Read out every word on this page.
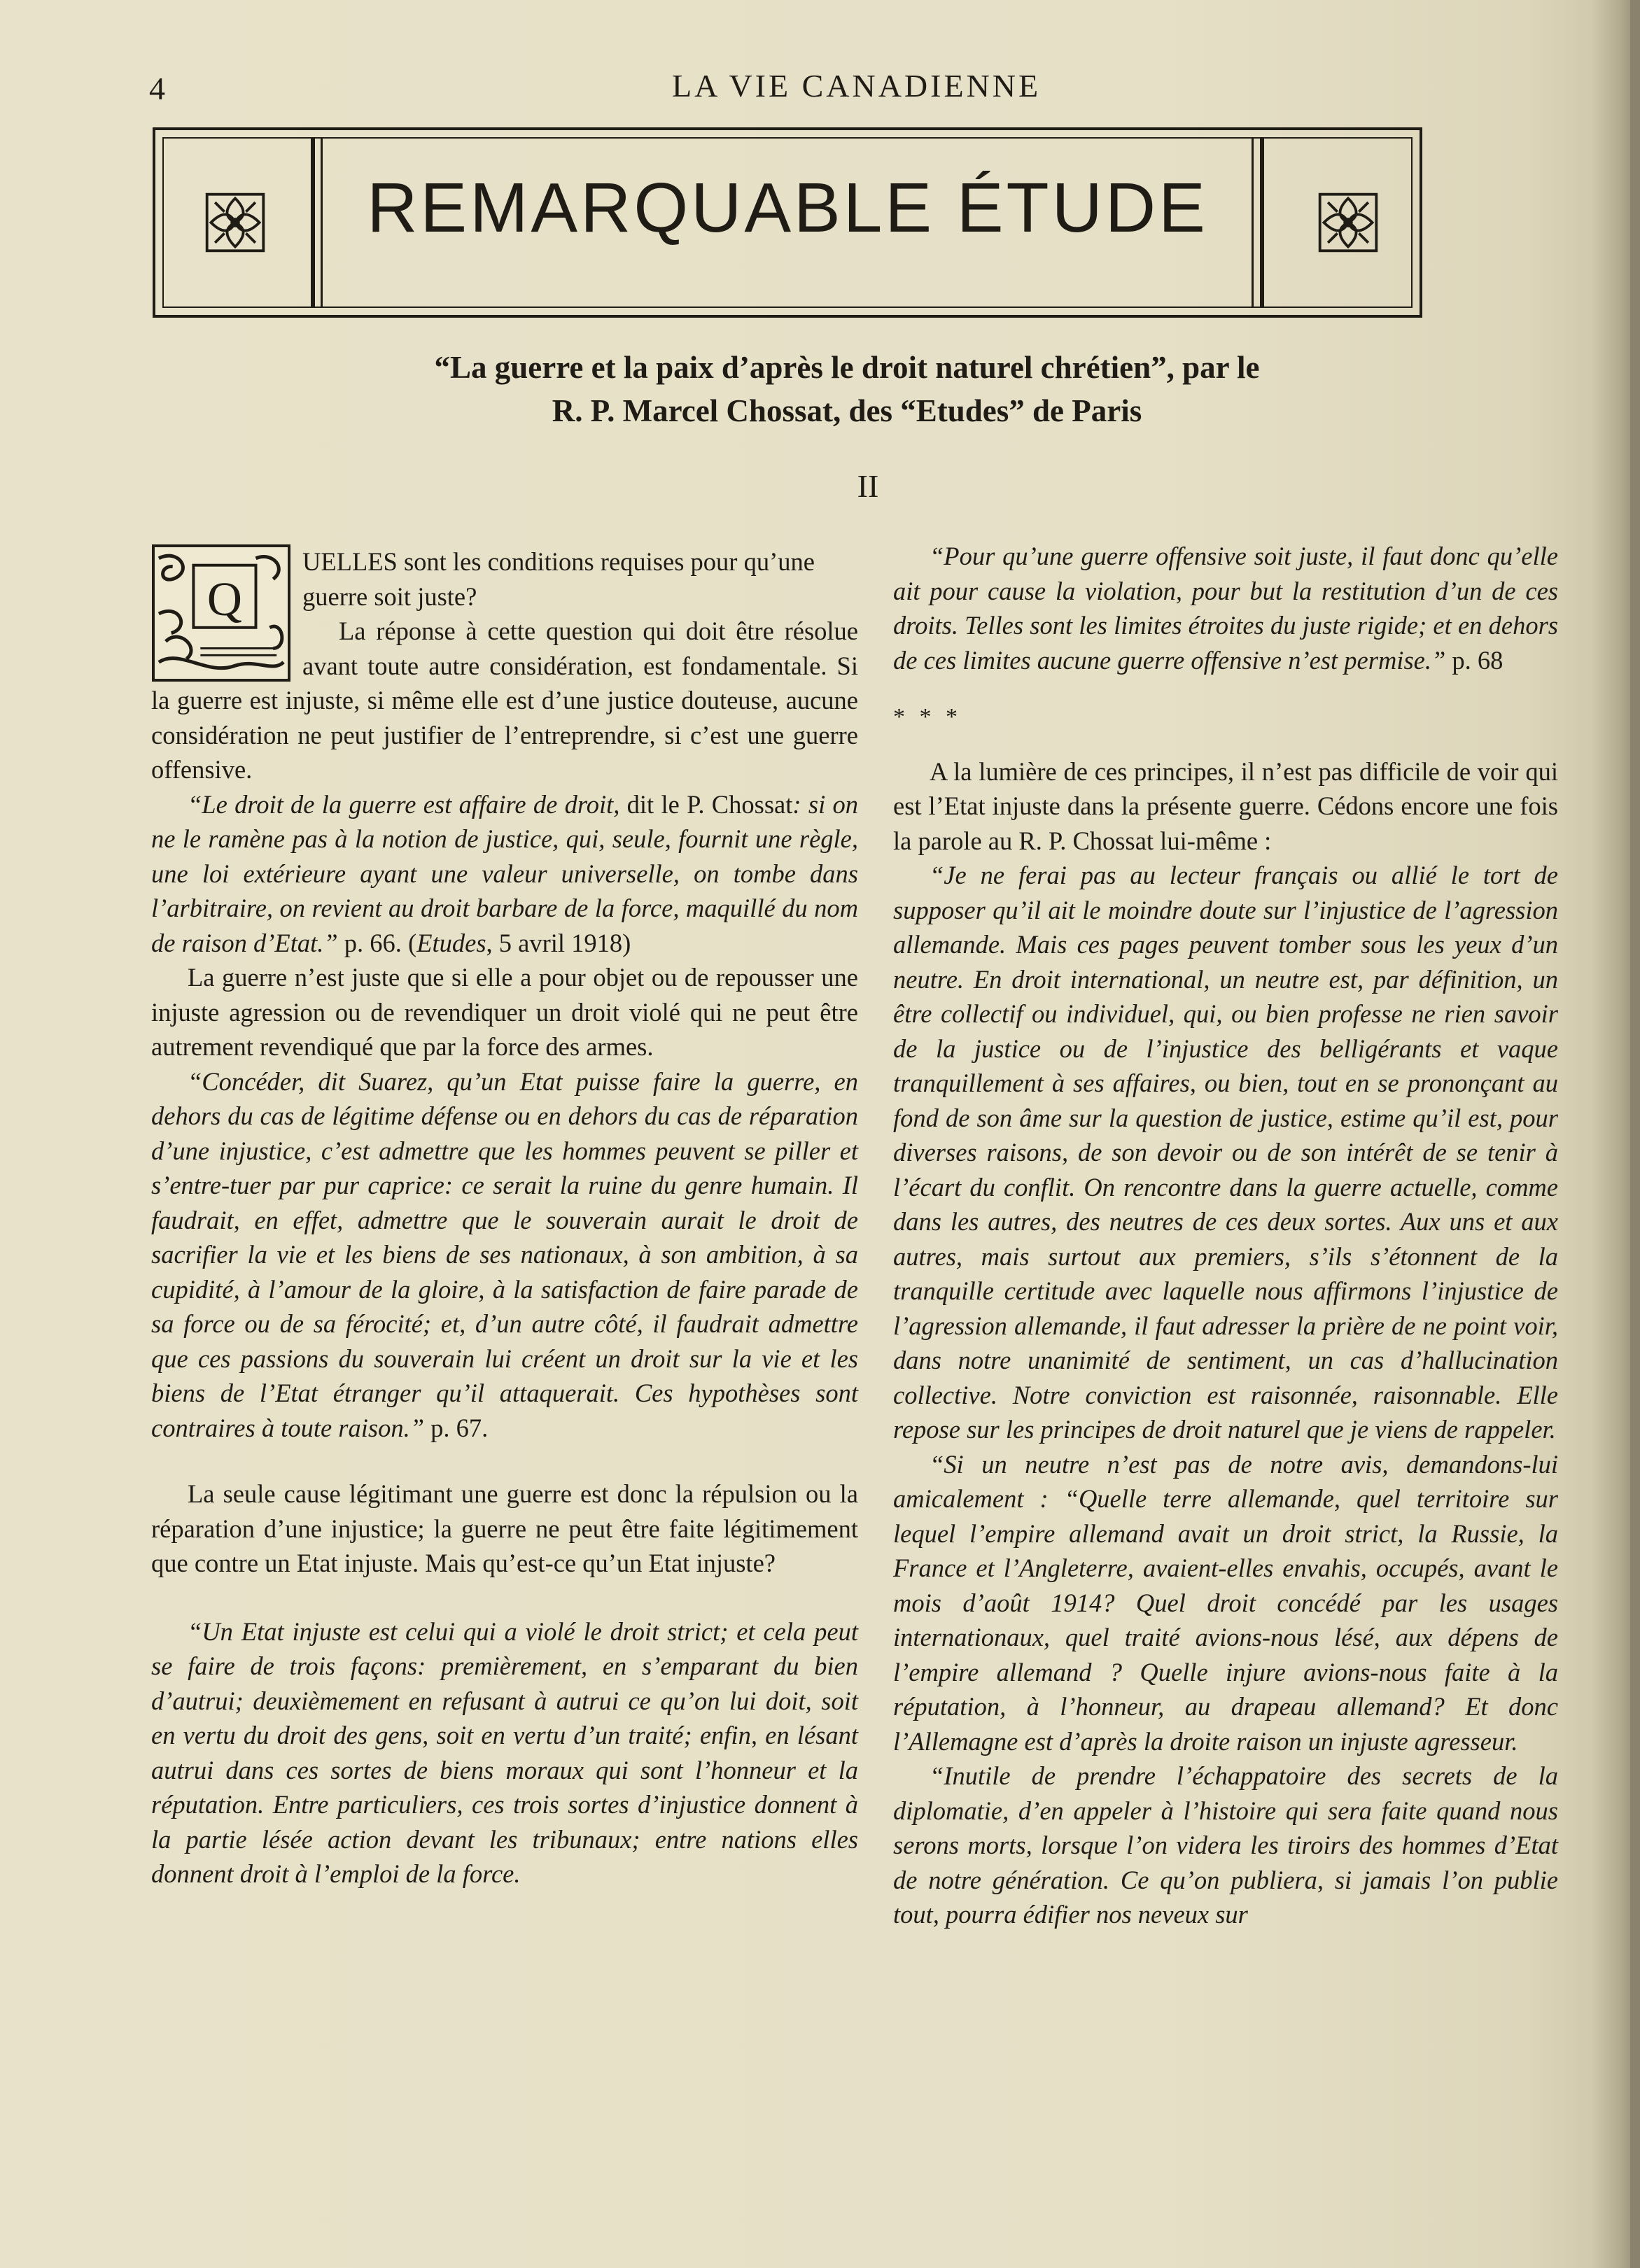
4	LA VIE CANADIENNE
REMARQUABLE ÉTUDE
“La guerre et la paix d’après le droit naturel chrétien”, par le
R. P. Marcel Chossat, des “Etudes” de Paris
II
Q

UELLES sont les conditions requises pour qu’une guerre soit juste?

La réponse à cette question qui doit être résolue avant toute autre considération, est fondamentale. Si la guerre est injuste, si même elle est d’une justice douteuse, aucune considération ne peut justifier de l’entreprendre, si c’est une guerre offensive.

“Le droit de la guerre est affaire de droit, dit le P. Chossat: si on ne le ramène pas à la notion de justice, qui, seule, fournit une règle, une loi extérieure ayant une valeur universelle, on tombe dans l’arbitraire, on revient au droit barbare de la force, maquillé du nom de raison d’Etat.” p. 66. (Etudes, 5 avril 1918)

La guerre n’est juste que si elle a pour objet ou de repousser une injuste agression ou de revendiquer un droit violé qui ne peut être autrement revendiqué que par la force des armes.

“Concéder, dit Suarez, qu’un Etat puisse faire la guerre, en dehors du cas de légitime défense ou en dehors du cas de réparation d’une injustice, c’est admettre que les hommes peuvent se piller et s’entre-tuer par pur caprice: ce serait la ruine du genre humain. Il faudrait, en effet, admettre que le souverain aurait le droit de sacrifier la vie et les biens de ses nationaux, à son ambition, à sa cupidité, à l’amour de la gloire, à la satisfaction de faire parade de sa force ou de sa férocité; et, d’un autre côté, il faudrait admettre que ces passions du souverain lui créent un droit sur la vie et les biens de l’Etat étranger qu’il attaquerait. Ces hypothèses sont contraires à toute raison.” p. 67.

La seule cause légitimant une guerre est donc la répulsion ou la réparation d’une injustice; la guerre ne peut être faite légitimement que contre un Etat injuste. Mais qu’est-ce qu’un Etat injuste?

“Un Etat injuste est celui qui a violé le droit strict; et cela peut se faire de trois façons: premièrement, en s’emparant du bien d’autrui; deuxièmement en refusant à autrui ce qu’on lui doit, soit en vertu du droit des gens, soit en vertu d’un traité; enfin, en lésant autrui dans ces sortes de biens moraux qui sont l’honneur et la réputation. Entre particuliers, ces trois sortes d’injustice donnent à la partie lésée action devant les tribunaux; entre nations elles donnent droit à l’emploi de la force.

“Pour qu’une guerre offensive soit juste, il faut donc qu’elle ait pour cause la violation, pour but la restitution d’un de ces droits. Telles sont les limites étroites du juste rigide; et en dehors de ces limites aucune guerre offensive n’est permise.” p. 68

* * *

A la lumière de ces principes, il n’est pas difficile de voir qui est l’Etat injuste dans la présente guerre. Cédons encore une fois la parole au R. P. Chossat lui-même :

“Je ne ferai pas au lecteur français ou allié le tort de supposer qu’il ait le moindre doute sur l’injustice de l’agression allemande. Mais ces pages peuvent tomber sous les yeux d’un neutre. En droit international, un neutre est, par définition, un être collectif ou individuel, qui, ou bien professe ne rien savoir de la justice ou de l’injustice des belligérants et vaque tranquillement à ses affaires, ou bien, tout en se prononçant au fond de son âme sur la question de justice, estime qu’il est, pour diverses raisons, de son devoir ou de son intérêt de se tenir à l’écart du conflit. On rencontre dans la guerre actuelle, comme dans les autres, des neutres de ces deux sortes. Aux uns et aux autres, mais surtout aux premiers, s’ils s’étonnent de la tranquille certitude avec laquelle nous affirmons l’injustice de l’agression allemande, il faut adresser la prière de ne point voir, dans notre unanimité de sentiment, un cas d’hallucination collective. Notre conviction est raisonnée, raisonnable. Elle repose sur les principes de droit naturel que je viens de rappeler.

“Si un neutre n’est pas de notre avis, demandons-lui amicalement : “Quelle terre allemande, quel territoire sur lequel l’empire allemand avait un droit strict, la Russie, la France et l’Angleterre, avaient-elles envahis, occupés, avant le mois d’août 1914? Quel droit concédé par les usages internationaux, quel traité avions-nous lésé, aux dépens de l’empire allemand ? Quelle injure avions-nous faite à la réputation, à l’honneur, au drapeau allemand? Et donc l’Allemagne est d’après la droite raison un injuste agresseur.

“Inutile de prendre l’échappatoire des secrets de la diplomatie, d’en appeler à l’histoire qui sera faite quand nous serons morts, lorsque l’on videra les tiroirs des hommes d’Etat de notre génération. Ce qu’on publiera, si jamais l’on publie tout, pourra édifier nos neveux sur
